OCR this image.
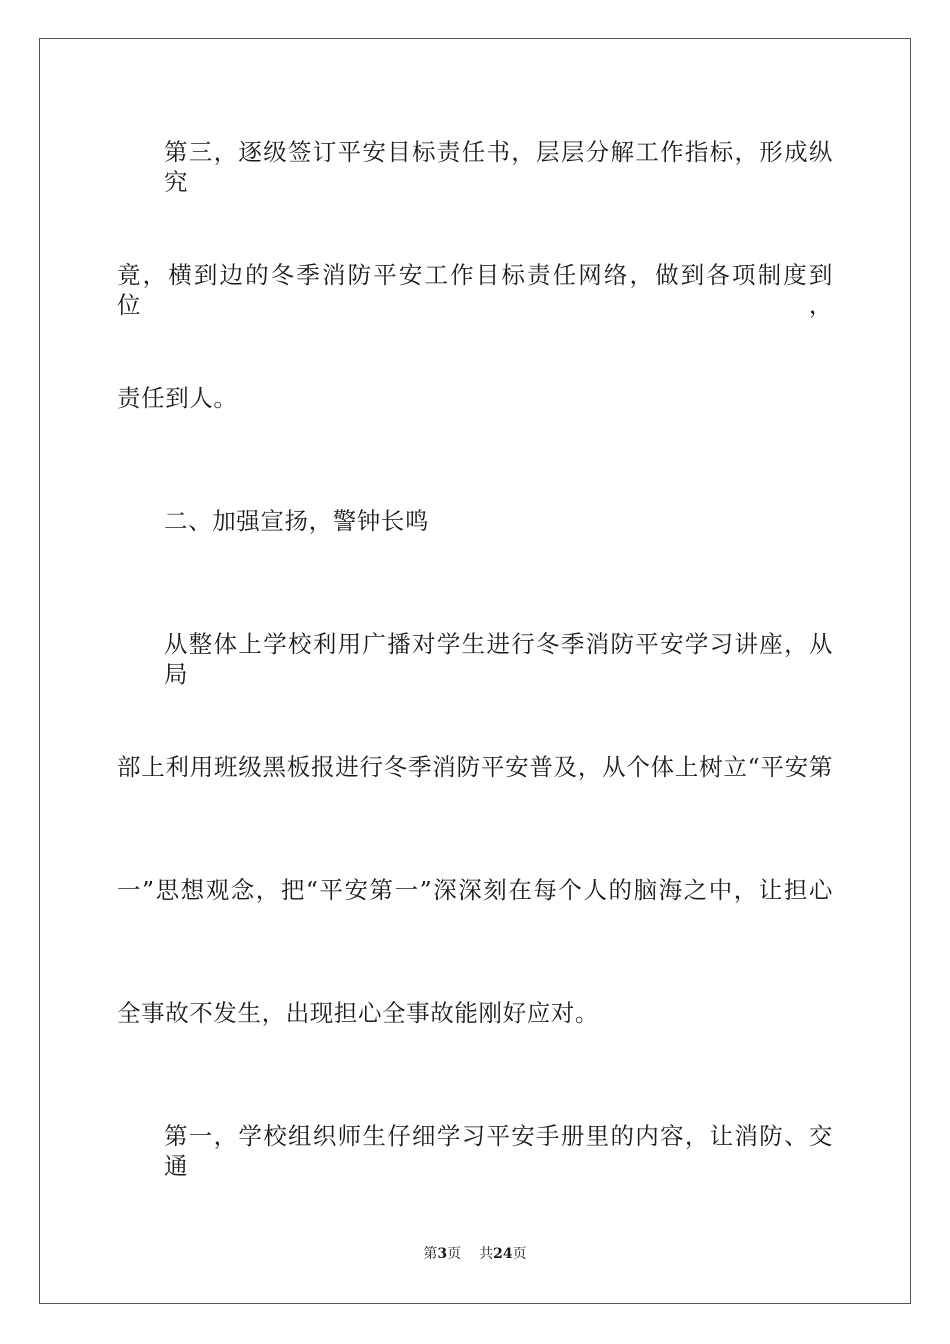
第三，逐级签订平安目标责任书，层层分解工作指标，形成纵究
竟，横到边的冬季消防平安工作目标责任网络，做到各项制度到位，
责任到人。
二、加强宣扬，警钟长鸣
从整体上学校利用广播对学生进行冬季消防平安学习讲座，从局
部上利用班级黑板报进行冬季消防平安普及，从个体上树立“平安第
一”思想观念，把“平安第一”深深刻在每个人的脑海之中，让担心
全事故不发生，出现担心全事故能刚好应对。
第一，学校组织师生仔细学习平安手册里的内容，让消防、交通
第3页 共24页
